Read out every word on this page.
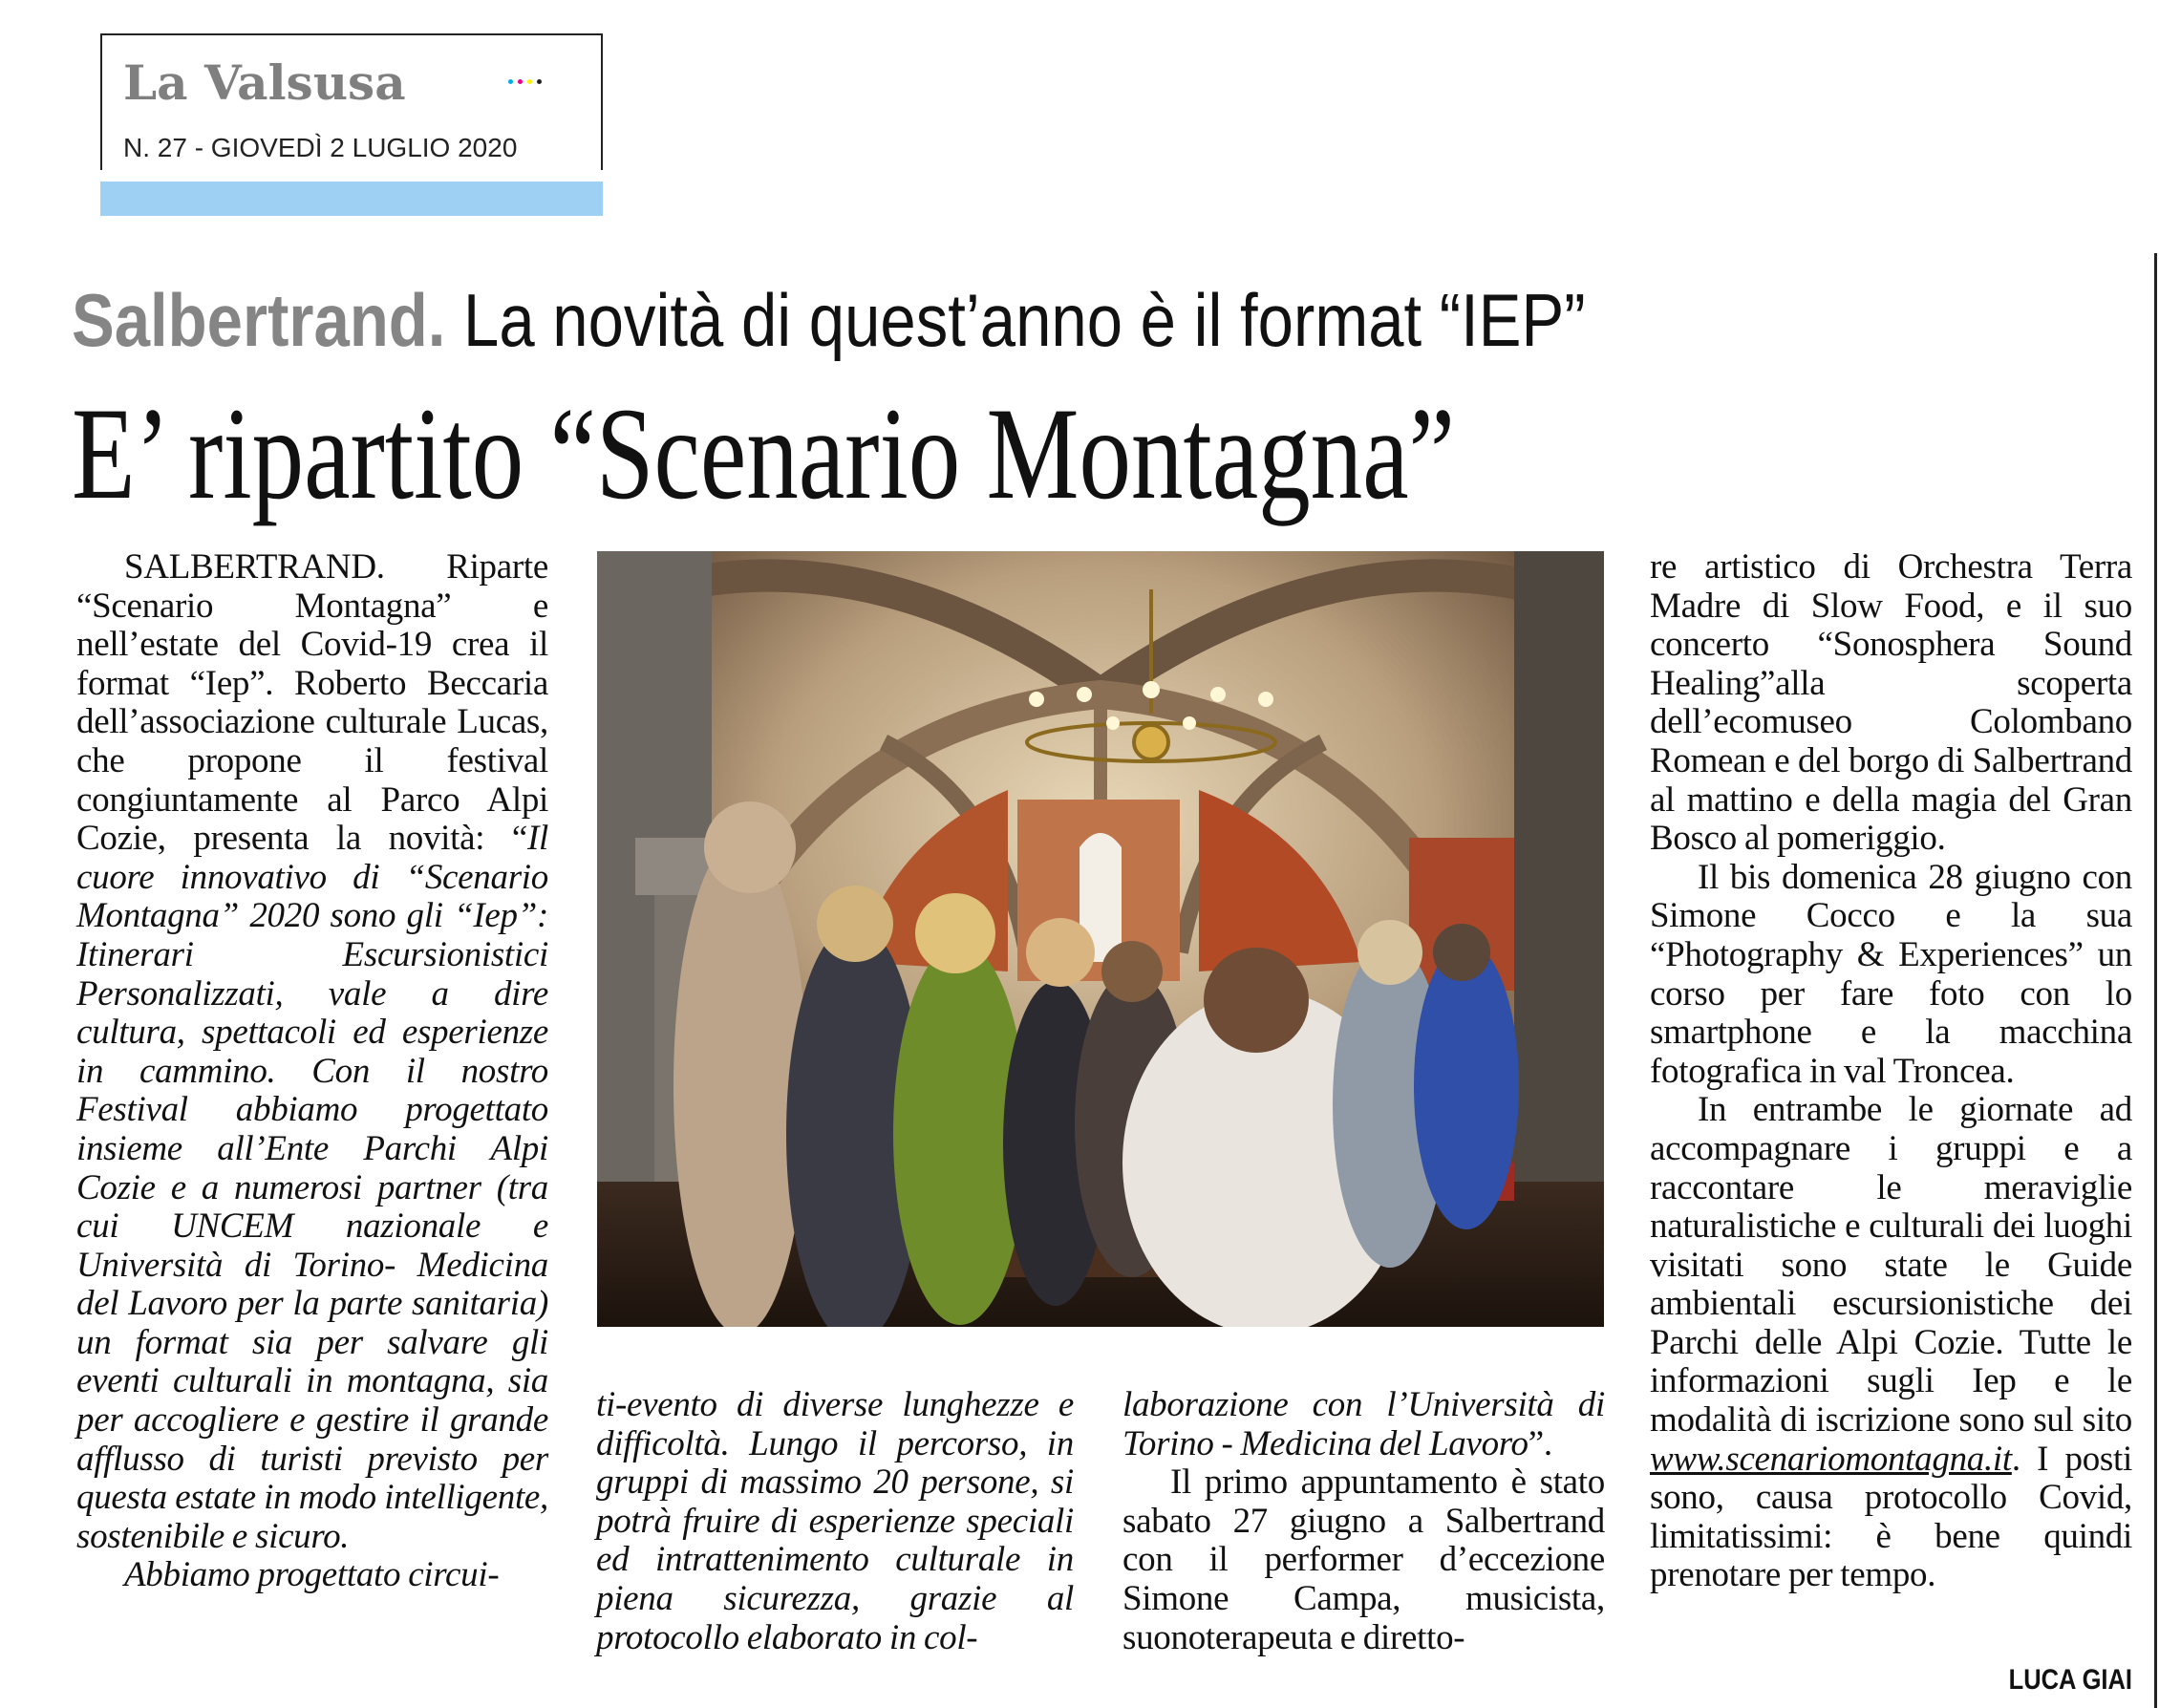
La Valsusa
N. 27 - GIOVEDÌ 2 LUGLIO 2020
Salbertrand. La novità di quest’anno è il format “IEP”
E’ ripartito “Scenario Montagna”

SALBERTRAND. Riparte “Scenario Montagna” e nell’estate del Covid-19 crea il format “Iep”. Roberto Beccaria dell’associazione culturale Lucas, che propone il festival congiuntamente al Parco Alpi Cozie, presenta la novità: “Il cuore innovativo di “Scenario Montagna” 2020 sono gli “Iep”: Itinerari Escursionistici Personalizzati, vale a dire cultura, spettacoli ed esperienze in cammino. Con il nostro Festival abbiamo progettato insieme all’Ente Parchi Alpi Cozie e a numerosi partner (tra cui UNCEM nazionale e Università di Torino- Medicina del Lavoro per la parte sanitaria) un format sia per salvare gli eventi culturali in montagna, sia per accogliere e gestire il grande afflusso di turisti previsto per questa estate in modo intelligente, sostenibile e sicuro.

Abbiamo progettato circui-

ti-evento di diverse lunghezze e difficoltà. Lungo il percorso, in gruppi di massimo 20 persone, si potrà fruire di esperienze speciali ed intrattenimento culturale in piena sicurezza, grazie al protocollo elaborato in col-

laborazione con l’Università di Torino - Medicina del Lavoro”.

Il primo appuntamento è stato sabato 27 giugno a Salbertrand con il performer d’eccezione Simone Campa, musicista, suonoterapeuta e diretto-

re artistico di Orchestra Terra Madre di Slow Food, e il suo concerto “Sonosphera Sound Healing”alla scoperta dell’ecomuseo Colombano Romean e del borgo di Salbertrand al mattino e della magia del Gran Bosco al pomeriggio.

Il bis domenica 28 giugno con Simone Cocco e la sua “Photography & Experiences” un corso per fare foto con lo smartphone e la macchina fotografica in val Troncea.

In entrambe le giornate ad accompagnare i gruppi e a raccontare le meraviglie naturalistiche e culturali dei luoghi visitati sono state le Guide ambientali escursionistiche dei Parchi delle Alpi Cozie. Tutte le informazioni sugli Iep e le modalità di iscrizione sono sul sito www.scenariomontagna.it. I posti sono, causa protocollo Covid, limitatissimi: è bene quindi prenotare per tempo.

LUCA GIAI
